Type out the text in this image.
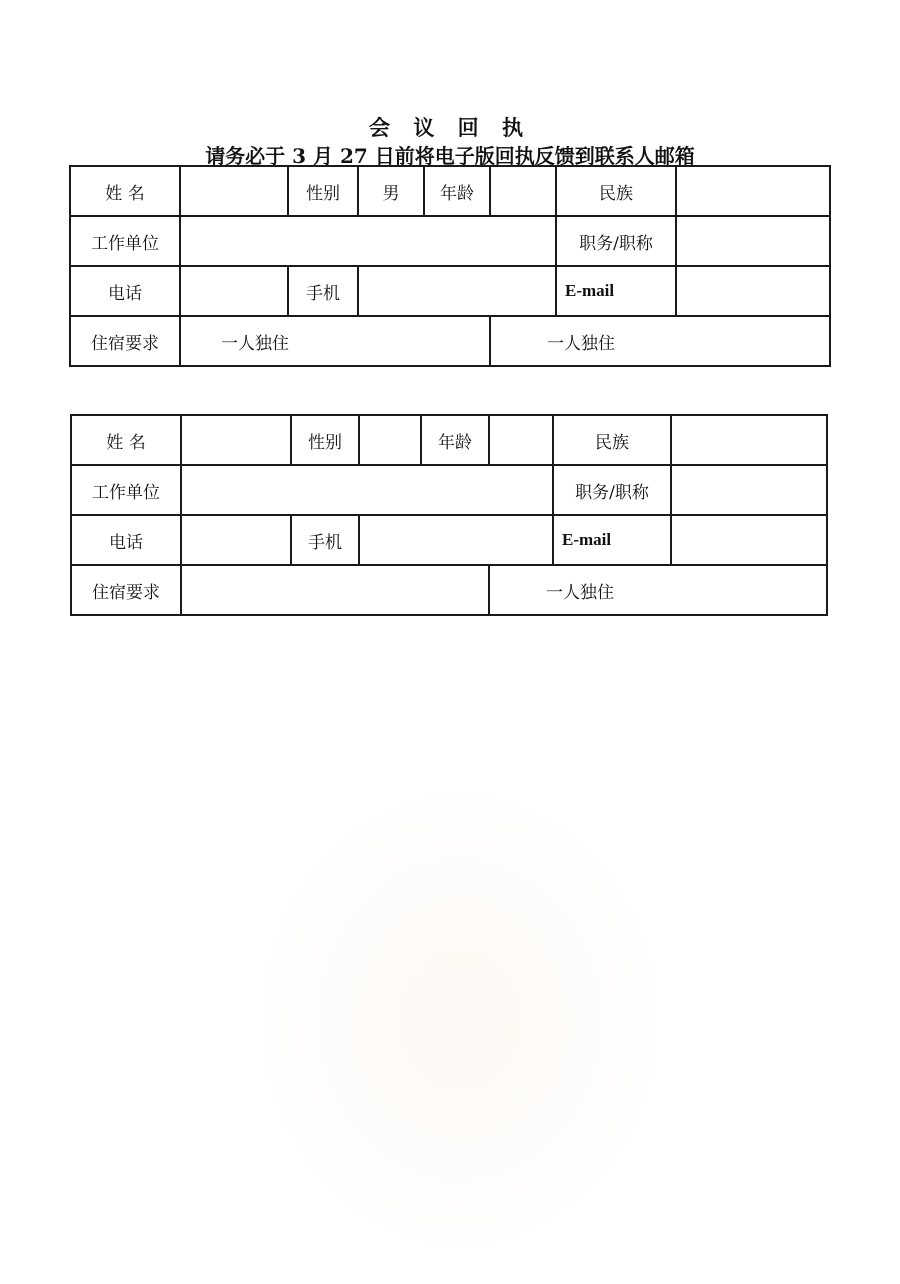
会 议 回 执

请务必于 3 月 27 日前将电子版回执反馈到联系人邮箱

姓 名		性别	男	年龄		民族	
工作单位						职务/职称	
电话		手机				E-mail	
住宿要求	一人独住				一人独住		
姓 名		性别		年龄		民族	
工作单位						职务/职称	
电话		手机				E-mail	
住宿要求					一人独住		
